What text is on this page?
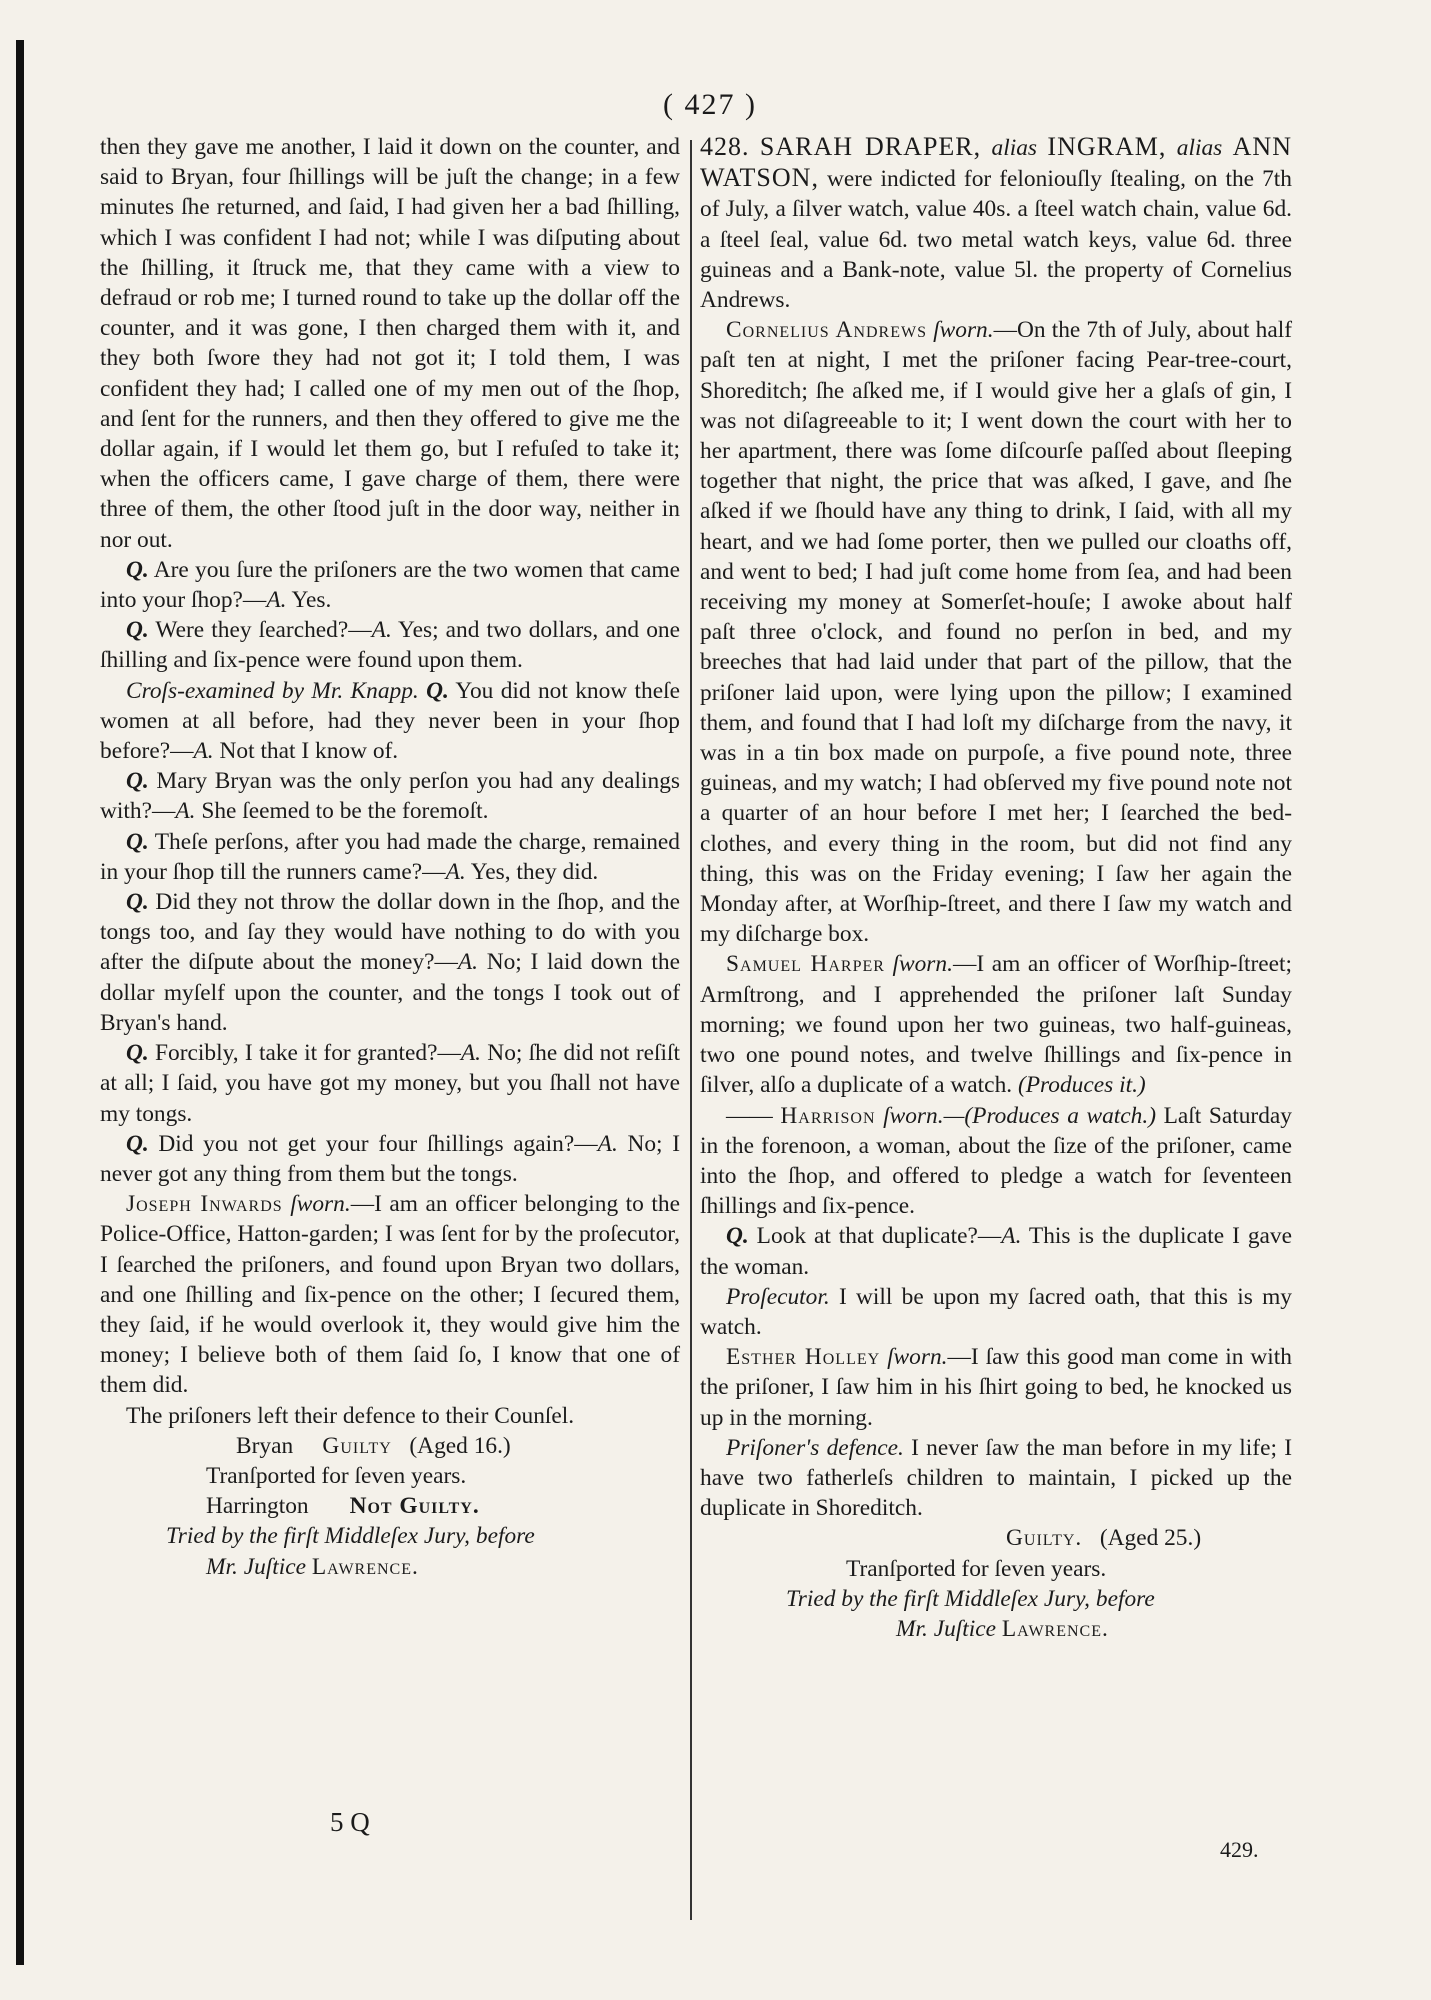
( 427 )

then they gave me another, I laid it down on the counter, and said to Bryan, four ſhillings will be juſt the change; in a few minutes ſhe returned, and ſaid, I had given her a bad ſhilling, which I was confident I had not; while I was diſputing about the ſhilling, it ſtruck me, that they came with a view to defraud or rob me; I turned round to take up the dollar off the counter, and it was gone, I then charged them with it, and they both ſwore they had not got it; I told them, I was confident they had; I called one of my men out of the ſhop, and ſent for the runners, and then they offered to give me the dollar again, if I would let them go, but I refuſed to take it; when the officers came, I gave charge of them, there were three of them, the other ſtood juſt in the door way, neither in nor out.

Q. Are you ſure the priſoners are the two women that came into your ſhop?—A. Yes.

Q. Were they ſearched?—A. Yes; and two dollars, and one ſhilling and ſix-pence were found upon them.

Croſs-examined by Mr. Knapp. Q. You did not know theſe women at all before, had they never been in your ſhop before?—A. Not that I know of.

Q. Mary Bryan was the only perſon you had any dealings with?—A. She ſeemed to be the foremoſt.

Q. Theſe perſons, after you had made the charge, remained in your ſhop till the runners came?—A. Yes, they did.

Q. Did they not throw the dollar down in the ſhop, and the tongs too, and ſay they would have nothing to do with you after the diſpute about the money?—A. No; I laid down the dollar myſelf upon the counter, and the tongs I took out of Bryan's hand.

Q. Forcibly, I take it for granted?—A. No; ſhe did not reſiſt at all; I ſaid, you have got my money, but you ſhall not have my tongs.

Q. Did you not get your four ſhillings again?—A. No; I never got any thing from them but the tongs.

Joseph Inwards ſworn.—I am an officer belonging to the Police-Office, Hatton-garden; I was ſent for by the proſecutor, I ſearched the priſoners, and found upon Bryan two dollars, and one ſhilling and ſix-pence on the other; I ſecured them, they ſaid, if he would overlook it, they would give him the money; I believe both of them ſaid ſo, I know that one of them did.

The priſoners left their defence to their Counſel.

Bryan Guilty (Aged 16.)

Tranſported for ſeven years.

Harrington Not Guilty.

Tried by the firſt Middleſex Jury, before

Mr. Juſtice Lawrence.

5 Q

428. SARAH DRAPER, alias INGRAM, alias ANN WATSON, were indicted for feloniouſly ſtealing, on the 7th of July, a ſilver watch, value 40s. a ſteel watch chain, value 6d. a ſteel ſeal, value 6d. two metal watch keys, value 6d. three guineas and a Bank-note, value 5l. the property of Cornelius Andrews.

Cornelius Andrews ſworn.—On the 7th of July, about half paſt ten at night, I met the priſoner facing Pear-tree-court, Shoreditch; ſhe aſked me, if I would give her a glaſs of gin, I was not diſagreeable to it; I went down the court with her to her apartment, there was ſome diſcourſe paſſed about ſleeping together that night, the price that was aſked, I gave, and ſhe aſked if we ſhould have any thing to drink, I ſaid, with all my heart, and we had ſome porter, then we pulled our cloaths off, and went to bed; I had juſt come home from ſea, and had been receiving my money at Somerſet-houſe; I awoke about half paſt three o'clock, and found no perſon in bed, and my breeches that had laid under that part of the pillow, that the priſoner laid upon, were lying upon the pillow; I examined them, and found that I had loſt my diſcharge from the navy, it was in a tin box made on purpoſe, a five pound note, three guineas, and my watch; I had obſerved my five pound note not a quarter of an hour before I met her; I ſearched the bed-clothes, and every thing in the room, but did not find any thing, this was on the Friday evening; I ſaw her again the Monday after, at Worſhip-ſtreet, and there I ſaw my watch and my diſcharge box.

Samuel Harper ſworn.—I am an officer of Worſhip-ſtreet; Armſtrong, and I apprehended the priſoner laſt Sunday morning; we found upon her two guineas, two half-guineas, two one pound notes, and twelve ſhillings and ſix-pence in ſilver, alſo a duplicate of a watch. (Produces it.)

—— Harrison ſworn.—(Produces a watch.) Laſt Saturday in the forenoon, a woman, about the ſize of the priſoner, came into the ſhop, and offered to pledge a watch for ſeventeen ſhillings and ſix-pence.

Q. Look at that duplicate?—A. This is the duplicate I gave the woman.

Proſecutor. I will be upon my ſacred oath, that this is my watch.

Esther Holley ſworn.—I ſaw this good man come in with the priſoner, I ſaw him in his ſhirt going to bed, he knocked us up in the morning.

Priſoner's defence. I never ſaw the man before in my life; I have two fatherleſs children to maintain, I picked up the duplicate in Shoreditch.

Guilty. (Aged 25.)

Tranſported for ſeven years.

Tried by the firſt Middleſex Jury, before

Mr. Juſtice Lawrence.

429.
